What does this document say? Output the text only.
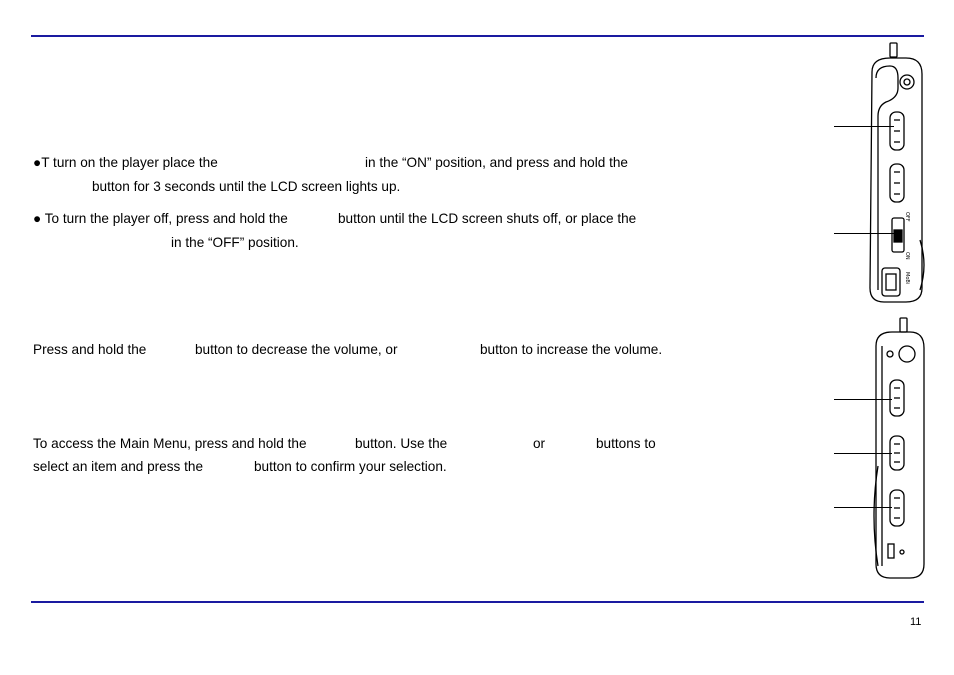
●T turn on the player place the	in the “ON” position, and press and hold the
button for 3 seconds until the LCD screen lights up.
● To turn the player off, press and hold the	button until the LCD screen shuts off, or place the
in the “OFF” position.
Press and hold the	button to decrease the volume, or	button to increase the volume.
To access the Main Menu, press and hold the	button. Use the	or	buttons to
select an item and press the	button to confirm your selection.
OFF
ON
MoBi
11
